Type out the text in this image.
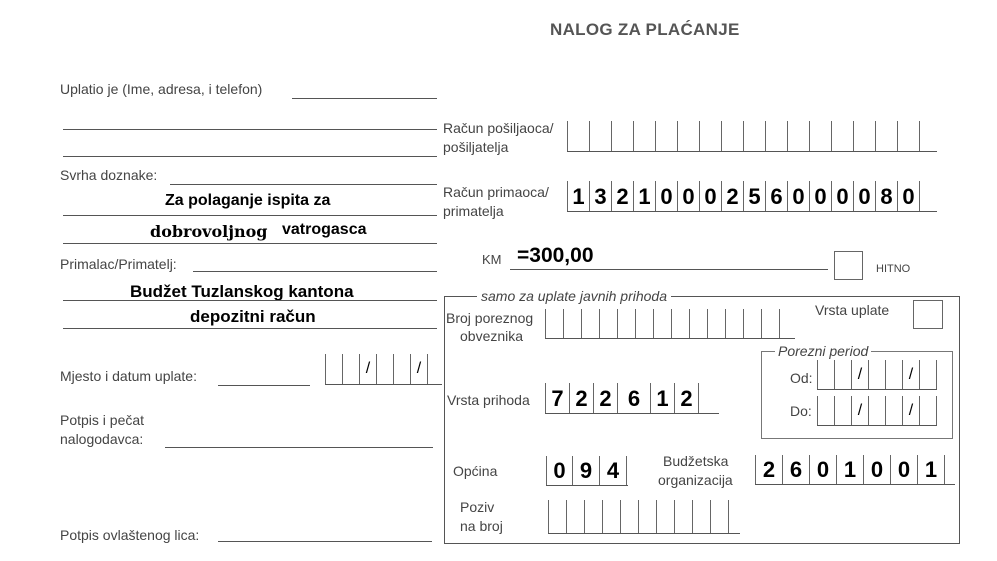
NALOG ZA PLAĆANJE
Uplatio je (Ime, adresa, i telefon)
Svrha doznake:
Za polaganje ispita za
dobrovoljnog vatrogasca
Primalac/Primatelj:
Budžet Tuzlanskog kantona
depozitni račun
Mjesto i datum uplate:	/	/
Potpis i pečat
nalogodavca:
Potpis ovlaštenog lica:
Račun pošiljaoca/
pošiljatelja
Račun primaoca/
primatelja
1 3 2 1 0 0 0 2 5 6 0 0 0 0 8 0
KM =300,00
HITNO
samo za uplate javnih prihoda
Broj poreznog
obveznika
Vrsta uplate
Porezni period
Od:	/	/
Do:	/	/
Vrsta prihoda 7 2 2 6 1 2
Općina	0 9 4	Budžetska
organizacija	2 6 0 1 0 0 1
Poziv
na broj
